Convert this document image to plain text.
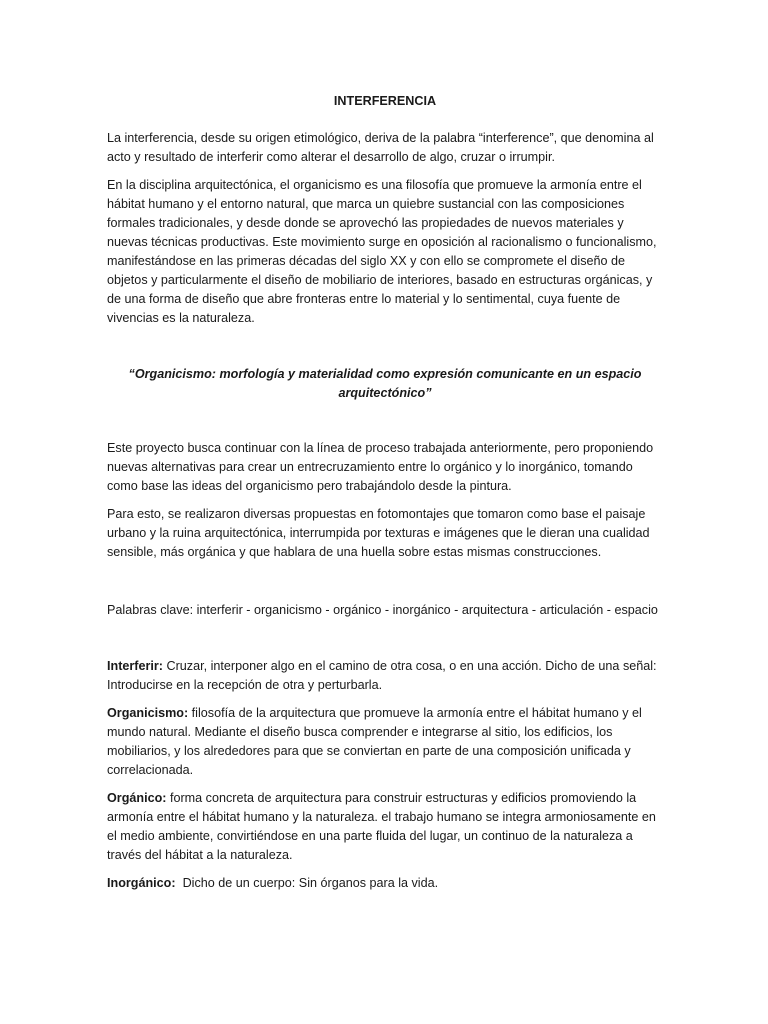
INTERFERENCIA

La interferencia, desde su origen etimológico, deriva de la palabra “interference”, que denomina al acto y resultado de interferir como alterar el desarrollo de algo, cruzar o irrumpir.

En la disciplina arquitectónica, el organicismo es una filosofía que promueve la armonía entre el hábitat humano y el entorno natural, que marca un quiebre sustancial con las composiciones formales tradicionales, y desde donde se aprovechó las propiedades de nuevos materiales y nuevas técnicas productivas. Este movimiento surge en oposición al racionalismo o funcionalismo, manifestándose en las primeras décadas del siglo XX y con ello se compromete el diseño de objetos y particularmente el diseño de mobiliario de interiores, basado en estructuras orgánicas, y de una forma de diseño que abre fronteras entre lo material y lo sentimental, cuya fuente de vivencias es la naturaleza.

“Organicismo: morfología y materialidad como expresión comunicante en un espacio arquitectónico”

Este proyecto busca continuar con la línea de proceso trabajada anteriormente, pero proponiendo nuevas alternativas para crear un entrecruzamiento entre lo orgánico y lo inorgánico, tomando como base las ideas del organicismo pero trabajándolo desde la pintura.

Para esto, se realizaron diversas propuestas en fotomontajes que tomaron como base el paisaje urbano y la ruina arquitectónica, interrumpida por texturas e imágenes que le dieran una cualidad sensible, más orgánica y que hablara de una huella sobre estas mismas construcciones.

Palabras clave: interferir - organicismo - orgánico - inorgánico - arquitectura - articulación - espacio

Interferir: Cruzar, interponer algo en el camino de otra cosa, o en una acción. Dicho de una señal: Introducirse en la recepción de otra y perturbarla.

Organicismo: filosofía de la arquitectura que promueve la armonía entre el hábitat humano y el mundo natural. Mediante el diseño busca comprender e integrarse al sitio, los edificios, los mobiliarios, y los alrededores para que se conviertan en parte de una composición unificada y correlacionada.

Orgánico: forma concreta de arquitectura para construir estructuras y edificios promoviendo la armonía entre el hábitat humano y la naturaleza. el trabajo humano se integra armoniosamente en el medio ambiente, convirtiéndose en una parte fluida del lugar, un continuo de la naturaleza a través del hábitat a la naturaleza.

Inorgánico:  Dicho de un cuerpo: Sin órganos para la vida.
